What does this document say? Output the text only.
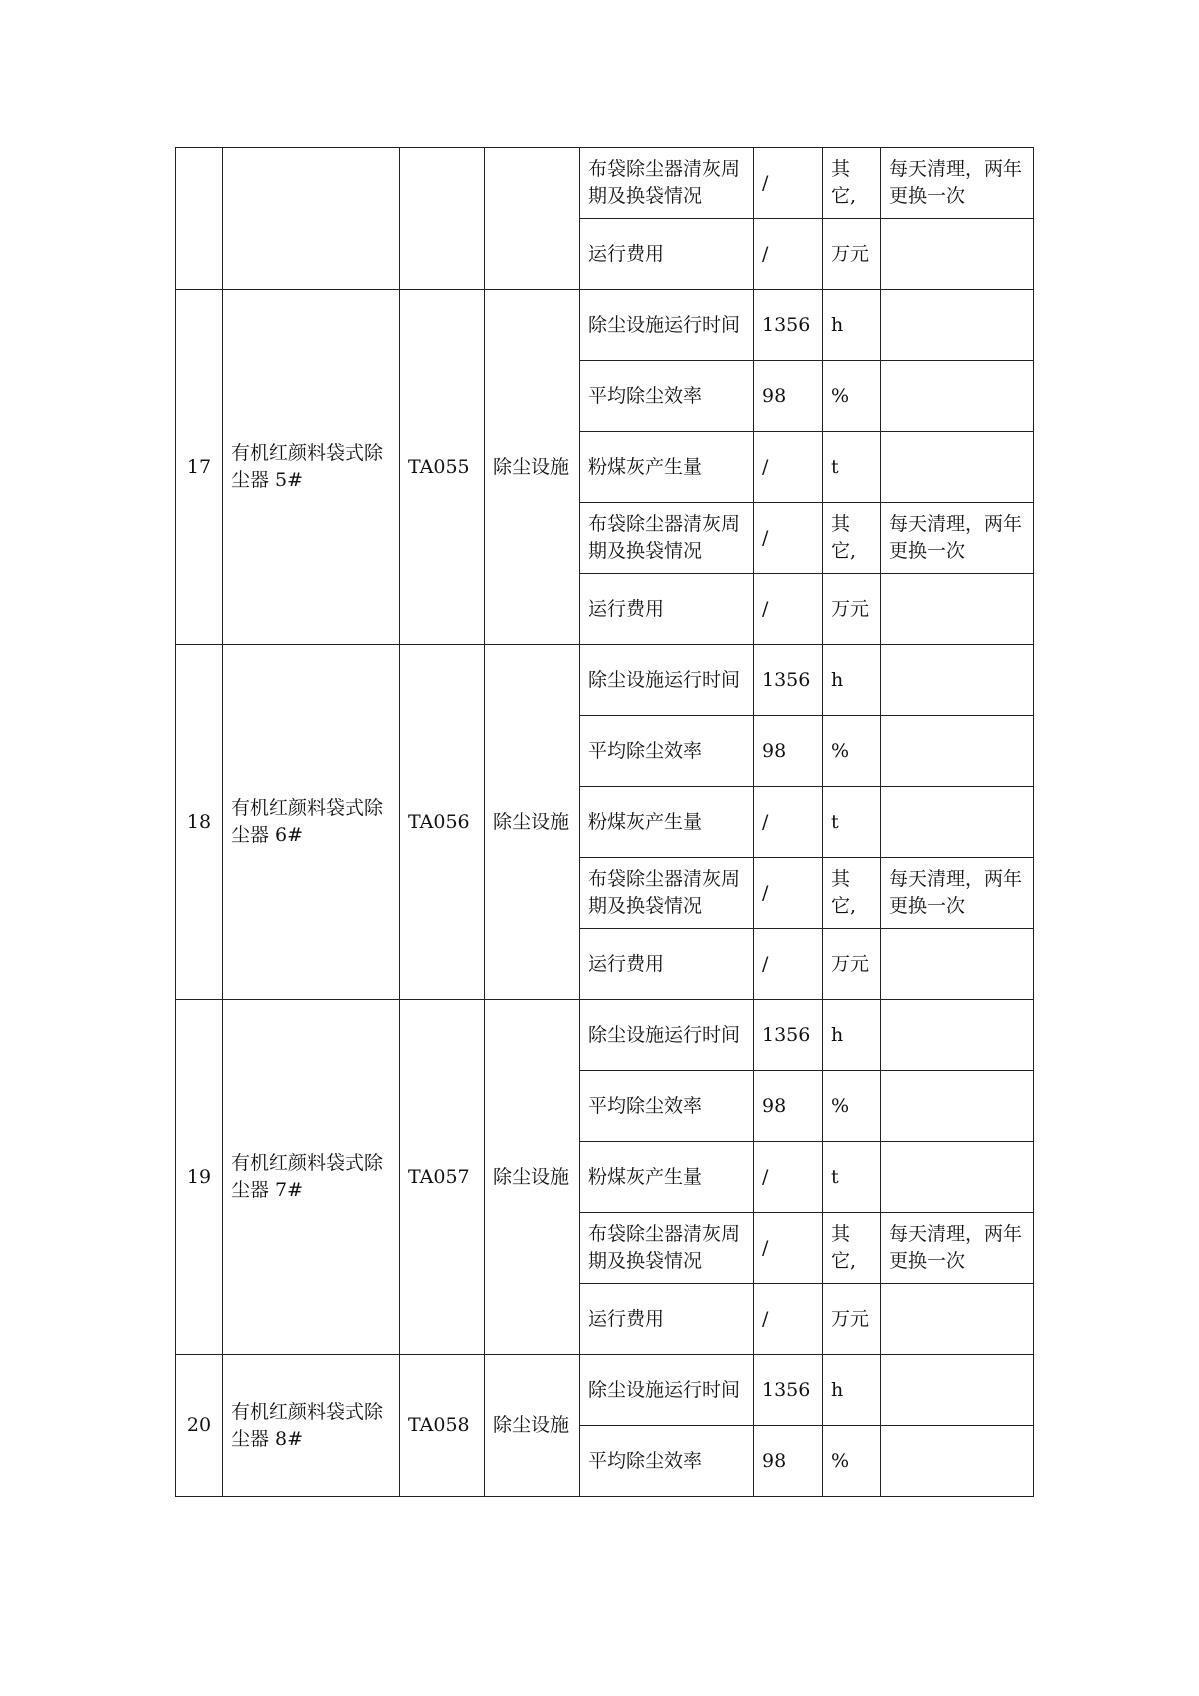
				布袋除尘器清灰周期及换袋情况	/	其它,	每天清理，两年更换一次
				运行费用	/	万元	
17	有机红颜料袋式除尘器 5#	TA055	除尘设施	除尘设施运行时间	1356	h	
				平均除尘效率	98	%	
				粉煤灰产生量	/	t	
				布袋除尘器清灰周期及换袋情况	/	其它,	每天清理，两年更换一次
				运行费用	/	万元	
18	有机红颜料袋式除尘器 6#	TA056	除尘设施	除尘设施运行时间	1356	h	
				平均除尘效率	98	%	
				粉煤灰产生量	/	t	
				布袋除尘器清灰周期及换袋情况	/	其它,	每天清理，两年更换一次
				运行费用	/	万元	
19	有机红颜料袋式除尘器 7#	TA057	除尘设施	除尘设施运行时间	1356	h	
				平均除尘效率	98	%	
				粉煤灰产生量	/	t	
				布袋除尘器清灰周期及换袋情况	/	其它,	每天清理，两年更换一次
				运行费用	/	万元	
20	有机红颜料袋式除尘器 8#	TA058	除尘设施	除尘设施运行时间	1356	h	
				平均除尘效率	98	%	
